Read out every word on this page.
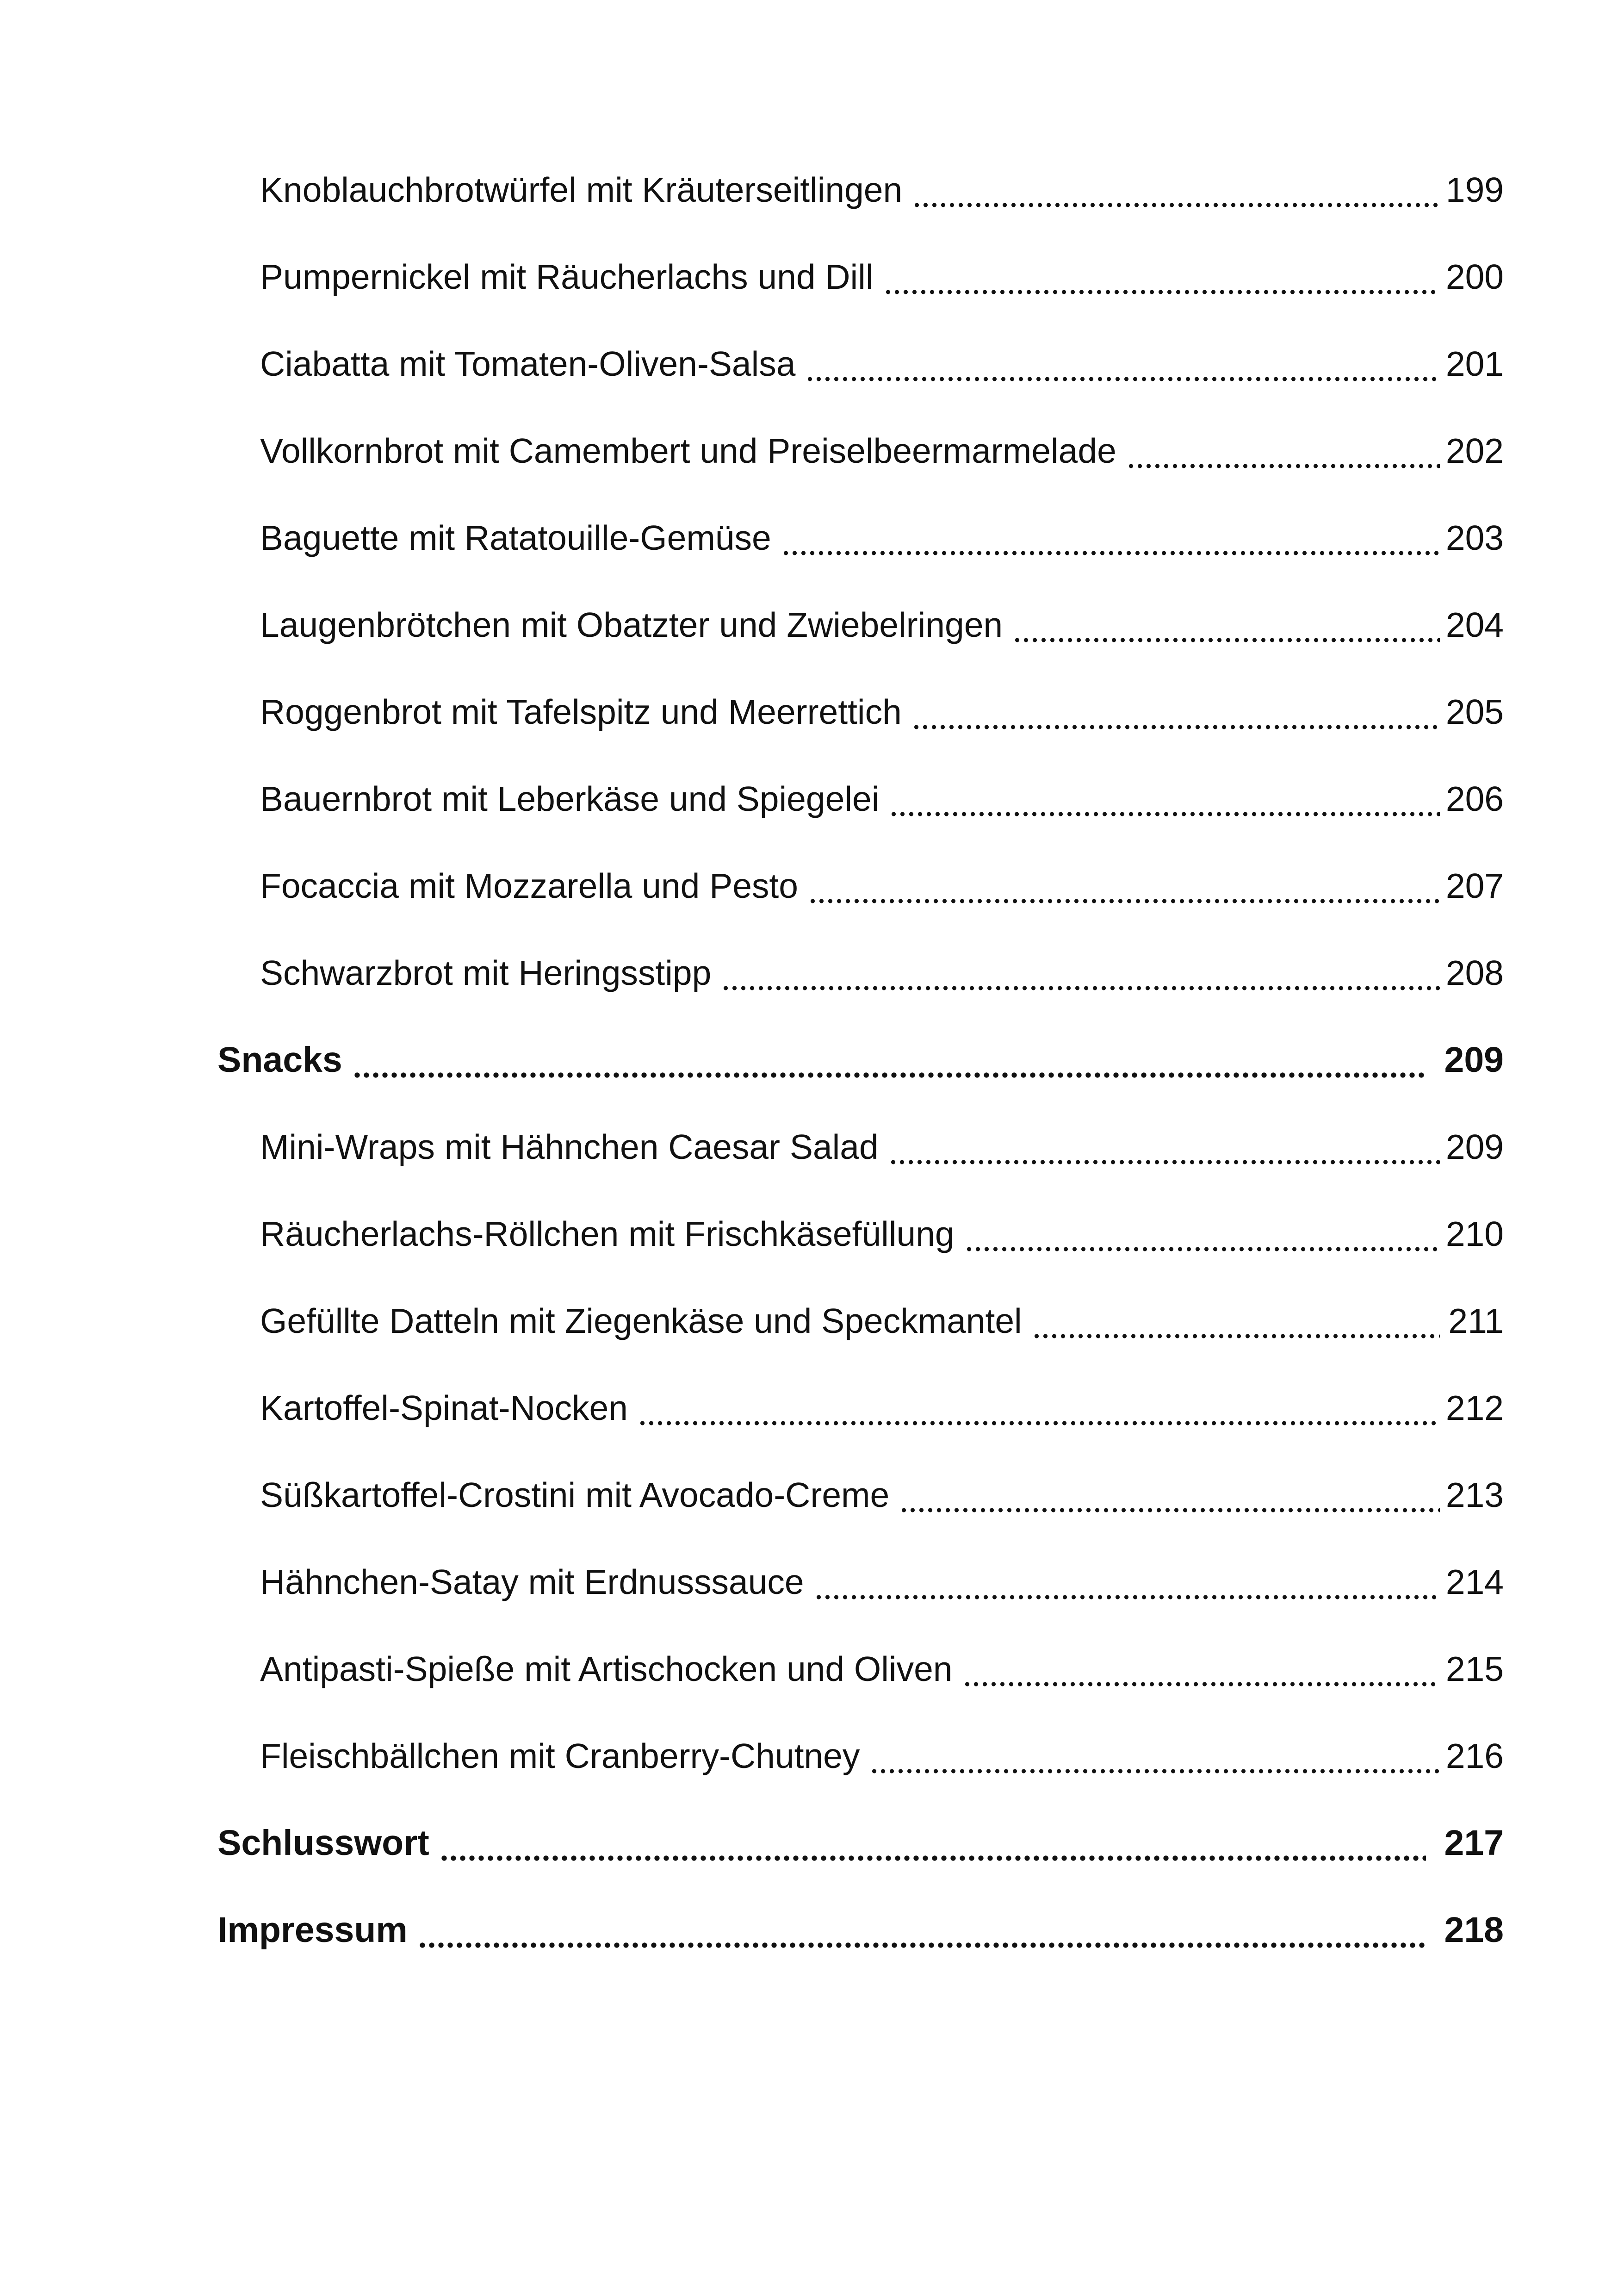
Knoblauchbrotwürfel mit Kräuterseitlingen	199
Pumpernickel mit Räucherlachs und Dill	200
Ciabatta mit Tomaten-Oliven-Salsa	201
Vollkornbrot mit Camembert und Preiselbeermarmelade	202
Baguette mit Ratatouille-Gemüse	203
Laugenbrötchen mit Obatzter und Zwiebelringen	204
Roggenbrot mit Tafelspitz und Meerrettich	205
Bauernbrot mit Leberkäse und Spiegelei	206
Focaccia mit Mozzarella und Pesto	207
Schwarzbrot mit Heringsstipp	208
Snacks	209
Mini-Wraps mit Hähnchen Caesar Salad	209
Räucherlachs-Röllchen mit Frischkäsefüllung	210
Gefüllte Datteln mit Ziegenkäse und Speckmantel	211
Kartoffel-Spinat-Nocken	212
Süßkartoffel-Crostini mit Avocado-Creme	213
Hähnchen-Satay mit Erdnusssauce	214
Antipasti-Spieße mit Artischocken und Oliven	215
Fleischbällchen mit Cranberry-Chutney	216
Schlusswort	217
Impressum	218
